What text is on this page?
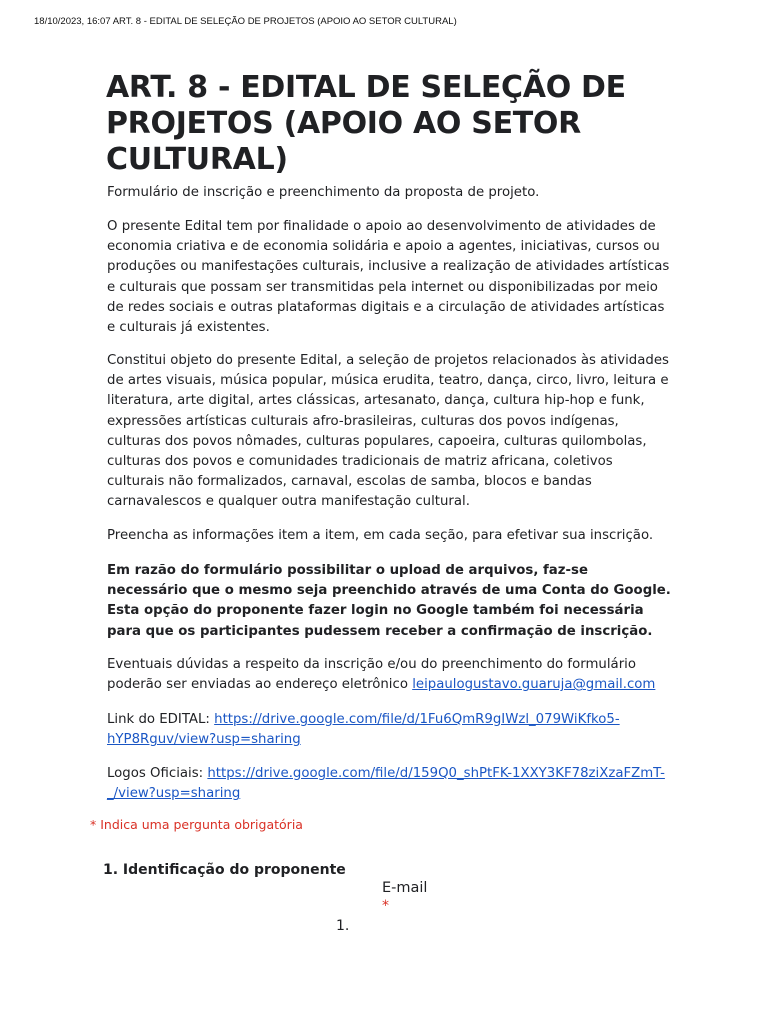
18/10/2023, 16:07 ART. 8 - EDITAL DE SELEÇÃO DE PROJETOS (APOIO AO SETOR CULTURAL)
ART. 8 - EDITAL DE SELEÇÃO DE PROJETOS (APOIO AO SETOR CULTURAL)

Formulário de inscrição e preenchimento da proposta de projeto.

O presente Edital tem por finalidade o apoio ao desenvolvimento de atividades de economia criativa e de economia solidária e apoio a agentes, iniciativas, cursos ou produções ou manifestações culturais, inclusive a realização de atividades artísticas e culturais que possam ser transmitidas pela internet ou disponibilizadas por meio de redes sociais e outras plataformas digitais e a circulação de atividades artísticas e culturais já existentes.

Constitui objeto do presente Edital, a seleção de projetos relacionados às atividades de artes visuais, música popular, música erudita, teatro, dança, circo, livro, leitura e literatura, arte digital, artes clássicas, artesanato, dança, cultura hip-hop e funk, expressões artísticas culturais afro-brasileiras, culturas dos povos indígenas, culturas dos povos nômades, culturas populares, capoeira, culturas quilombolas, culturas dos povos e comunidades tradicionais de matriz africana, coletivos culturais não formalizados, carnaval, escolas de samba, blocos e bandas carnavalescos e qualquer outra manifestação cultural.

Preencha as informações item a item, em cada seção, para efetivar sua inscrição.

Em razão do formulário possibilitar o upload de arquivos, faz-se necessário que o mesmo seja preenchido através de uma Conta do Google. Esta opção do proponente fazer login no Google também foi necessária para que os participantes pudessem receber a confirmação de inscrição.

Eventuais dúvidas a respeito da inscrição e/ou do preenchimento do formulário poderão ser enviadas ao endereço eletrônico leipaulogustavo.guaruja@gmail.com

Link do EDITAL: https://drive.google.com/file/d/1Fu6QmR9gIWzl_079WiKfko5-hYP8Rguv/view?usp=sharing

Logos Oficiais: https://drive.google.com/file/d/159Q0_shPtFK-1XXY3KF78ziXzaFZmT-_/view?usp=sharing

* Indica uma pergunta obrigatória
1. Identificação do proponente
E-mail
*
1.
